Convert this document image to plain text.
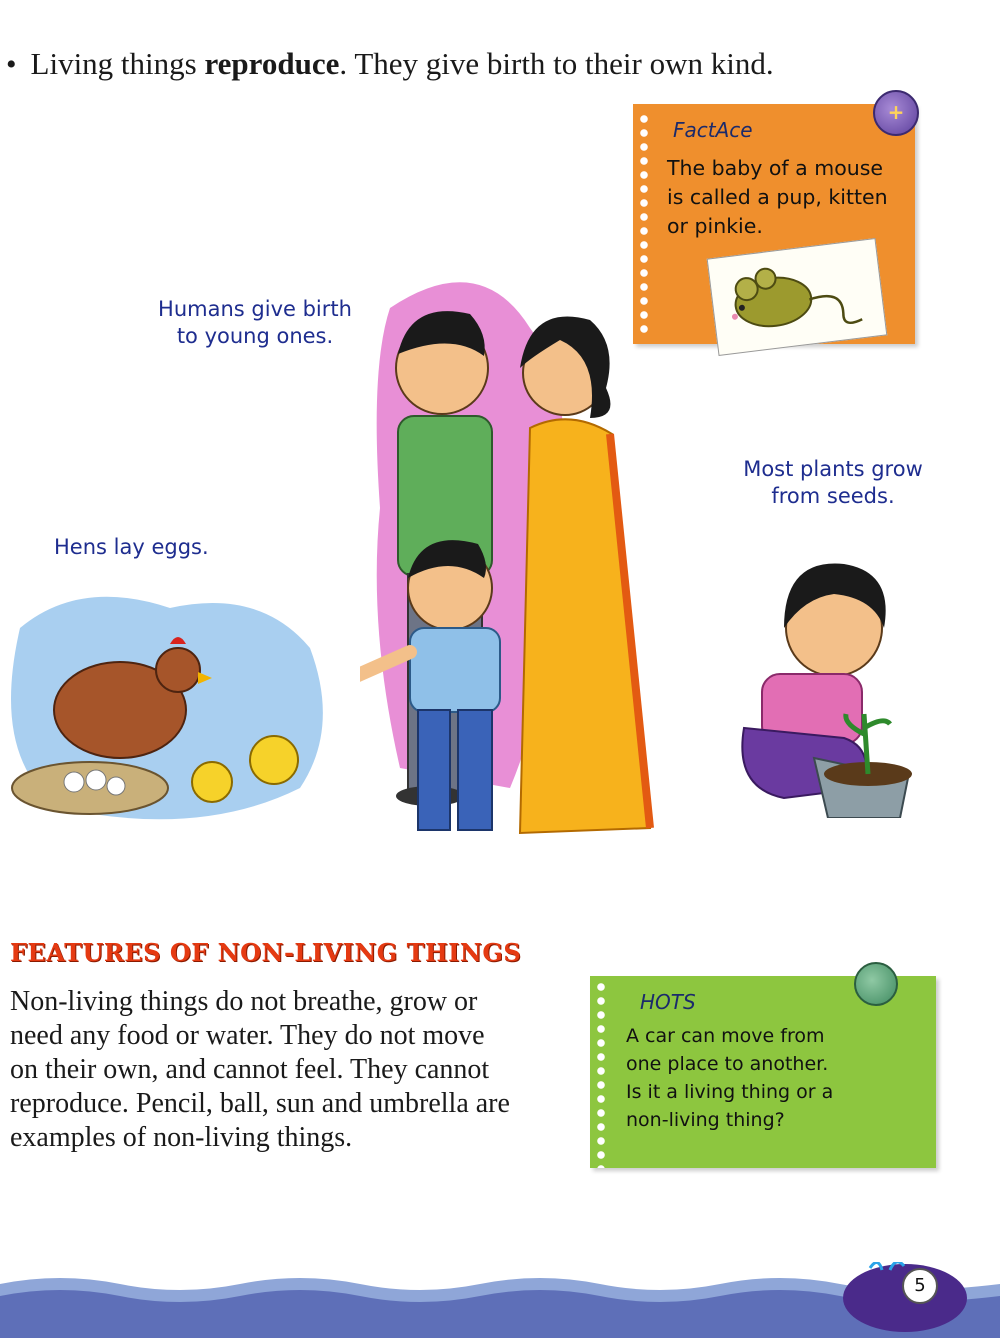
• Living things reproduce. They give birth to their own kind.
+
FactAce
The baby of a mouse
is called a pup, kitten
or pinkie.
Humans give birth
to young ones.
Most plants grow
from seeds.
Hens lay eggs.
FEATURES OF NON-LIVING THINGS
Non-living things do not breathe, grow or
need any food or water. They do not move
on their own, and cannot feel. They cannot
reproduce. Pencil, ball, sun and umbrella are
examples of non-living things.
HOTS
A car can move from
one place to another.
Is it a living thing or a
non-living thing?
5
